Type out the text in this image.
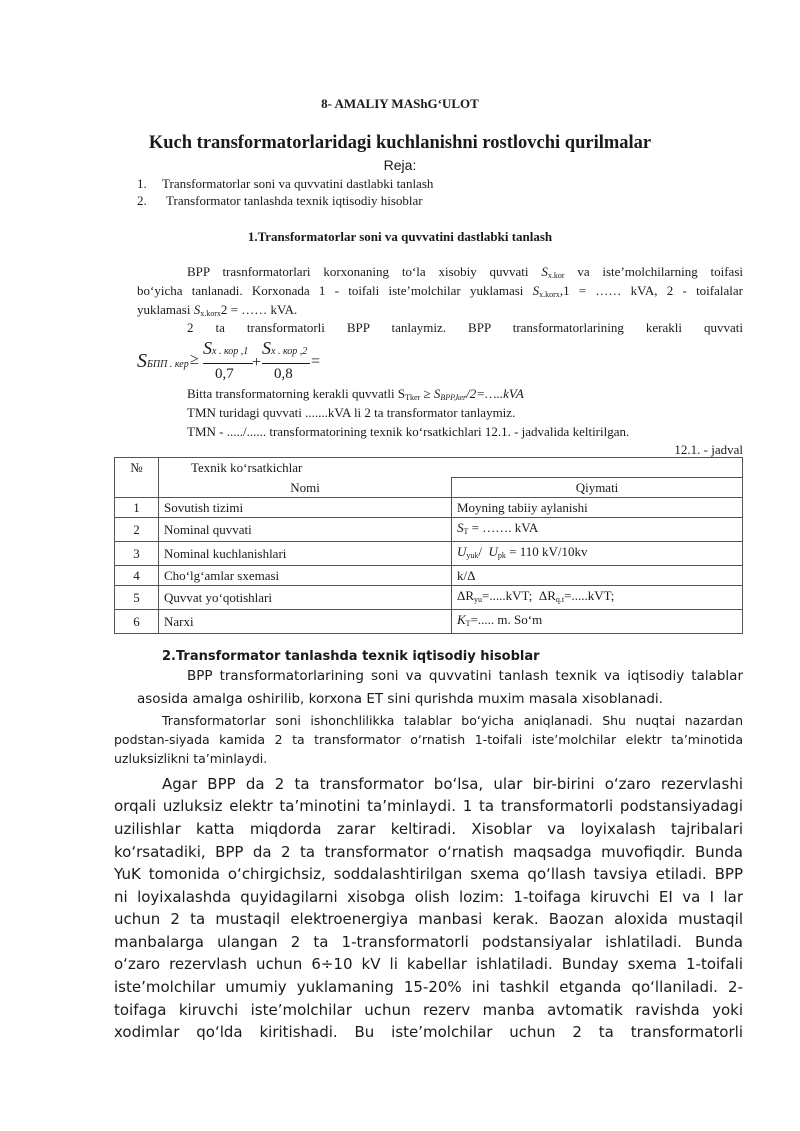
8- AMALIY MAShG‘ULOT
Kuch transformatorlaridagi kuchlanishni rostlovchi qurilmalar
Reja:
1. Transformatorlar soni va quvvatini dastlabki tanlash
2. Transformator tanlashda texnik iqtisodiy hisoblar
1.Transformatorlar soni va quvvatini dastlabki tanlash
BPP trasnformatorlari korxonaning to‘la xisobiy quvvati $S_{x.kor}$ va iste’molchilarning toifasi
bo‘yicha tanlanadi. Korxonada 1 - toifali iste’molchilar yuklamasi $S_{x.korx},1$ = …… kVA, 2 - toifalalar
yuklamasi $S_{x.korx}2$ = …… kVA.
2   ta   transformatorli   BPP   tanlaymiz.   BPP   transformatorlarining   kerakli   quvvati
SБПП . кер ≥
Sх . кор ,1
0,7
+
Sх . кор ,2
0,8
=
Bitta transformatorning kerakli quvvatli $S_{Tker}$ ≥ $S_{BPP,ker}/2=\dots..kVA$
TMN turidagi quvvati .......kVA li 2 ta transformator tanlaymiz.
TMN - ...../...... transformatorining texnik ko‘rsatkichlari 12.1. - jadvalida keltirilgan.
12.1. - jadval
№	Texnik ko‘rsatkichlar	
	Nomi	Qiymati
1	Sovutish tizimi	Moyning tabiiy aylanishi
2	Nominal quvvati	$S_T$ = ……. kVA
3	Nominal kuchlanishlari	$U_{yuk}/$  $U_{pk} = 110$ kV/10kv
4	Cho‘lg‘amlar sxemasi	k/Δ
5	Quvvat yo‘qotishlari	$\Delta R_{yu}=.....kVT$;  $\Delta R_{q.t}=.....kVT$;
6	Narxi	$K_T=$..... m. So‘m
2.Transformator tanlashda texnik iqtisodiy hisoblar
BPP transformatorlarining soni va quvvatini tanlash texnik va iqtisodiy talablar
asosida amalga oshirilib, korxona ET sini qurishda muxim masala xisoblanadi.
Transformatorlar soni ishonchlilikka talablar bo‘yicha aniqlanadi. Shu nuqtai nazardan
podstan-siyada kamida 2 ta transformator o‘rnatish 1-toifali iste’molchilar elektr ta’minotida
uzluksizlikni ta’minlaydi.
Agar BPP da 2 ta transformator bo‘lsa, ular bir-birini o‘zaro rezervlashi
orqali uzluksiz elektr ta’minotini ta’minlaydi. 1 ta transformatorli podstansiyadagi
uzilishlar katta miqdorda zarar keltiradi. Xisoblar va loyixalash tajribalari
ko‘rsatadiki, BPP da 2 ta transformator o‘rnatish maqsadga muvofiqdir. Bunda
YuK tomonida o‘chirgichsiz, soddalashtirilgan sxema qo‘llash tavsiya etiladi. BPP
ni loyixalashda quyidagilarni xisobga olish lozim: 1-toifaga kiruvchi EI va I lar
uchun 2 ta mustaqil elektroenergiya manbasi kerak. Baozan aloxida mustaqil
manbalarga ulangan 2 ta 1-transformatorli podstansiyalar ishlatiladi. Bunda
o‘zaro rezervlash uchun 6÷10 kV li kabellar ishlatiladi. Bunday sxema 1-toifali
iste’molchilar umumiy yuklamaning 15-20% ini tashkil etganda qo‘llaniladi. 2-
toifaga kiruvchi iste’molchilar uchun rezerv manba avtomatik ravishda yoki
xodimlar qo‘lda kiritishadi. Bu iste’molchilar uchun 2 ta transformatorli
